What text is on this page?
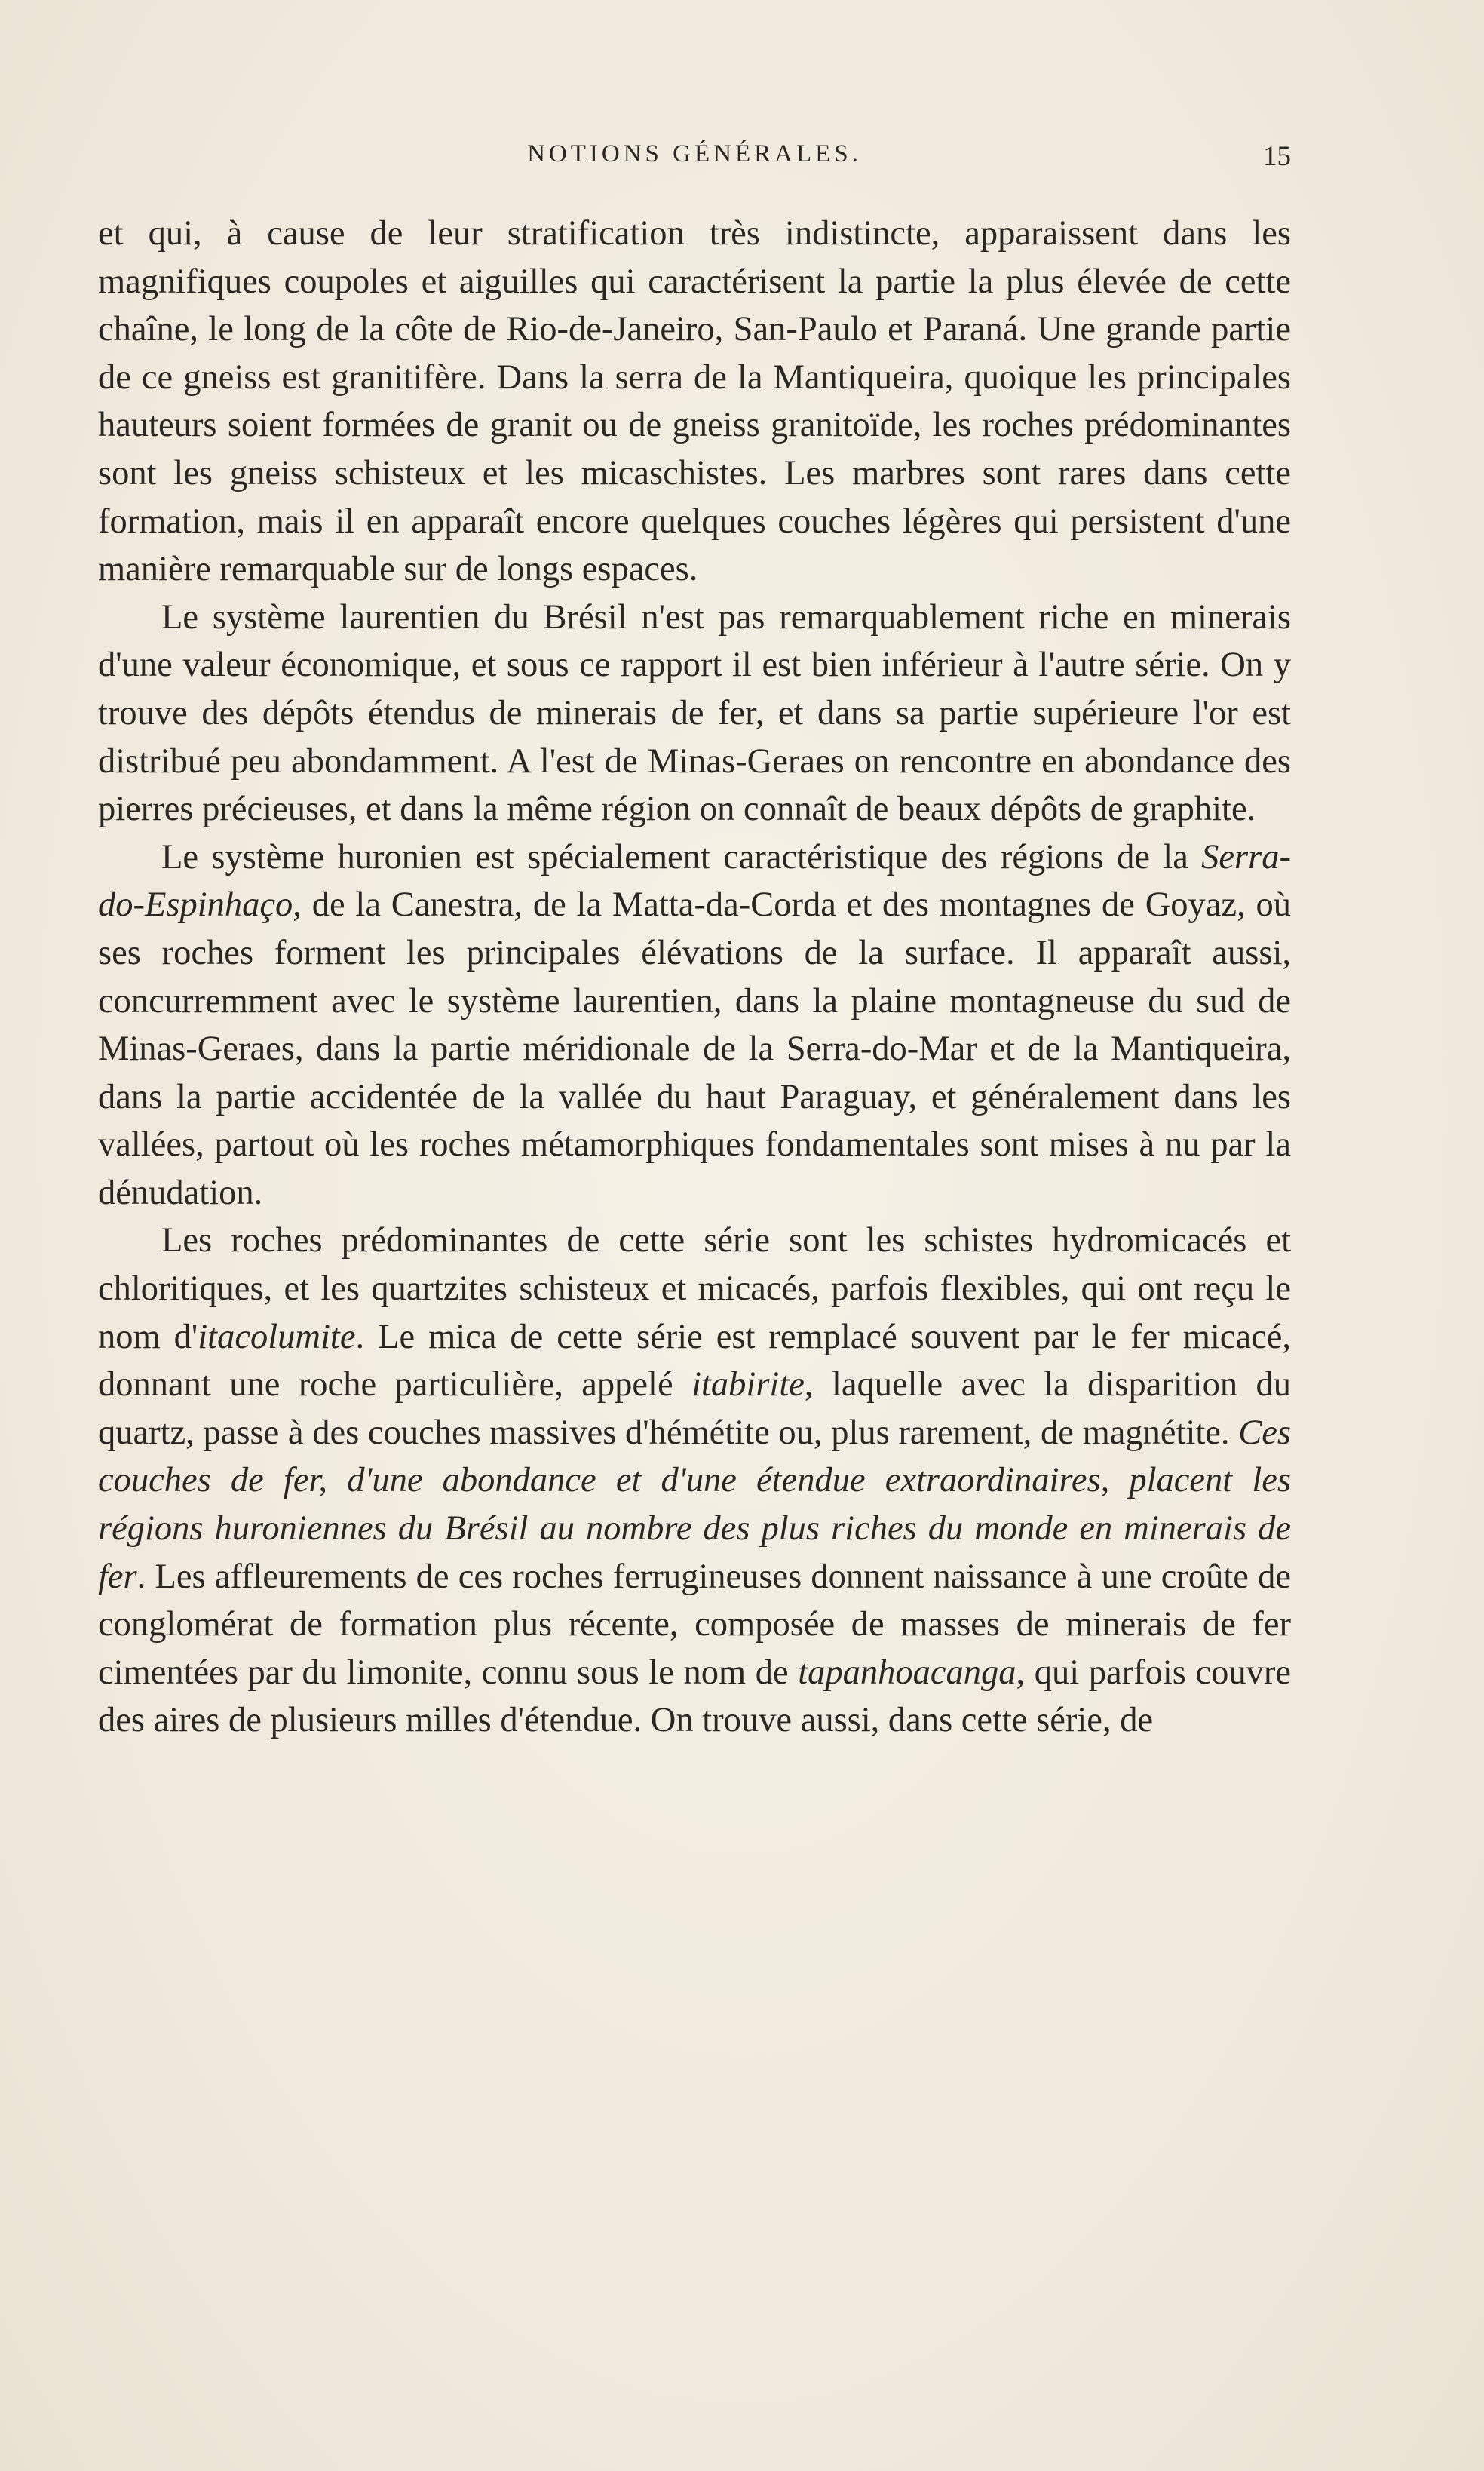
NOTIONS GÉNÉRALES.	15

et qui, à cause de leur stratification très indistincte, apparaissent dans les magnifiques coupoles et aiguilles qui caractérisent la partie la plus élevée de cette chaîne, le long de la côte de Rio-de-Janeiro, San-Paulo et Paraná. Une grande partie de ce gneiss est granitifère. Dans la serra de la Mantiqueira, quoique les principales hauteurs soient formées de granit ou de gneiss granitoïde, les roches prédominantes sont les gneiss schisteux et les micaschistes. Les marbres sont rares dans cette formation, mais il en apparaît encore quelques couches légères qui persistent d'une manière remarquable sur de longs espaces.

Le système laurentien du Brésil n'est pas remarquablement riche en minerais d'une valeur économique, et sous ce rapport il est bien inférieur à l'autre série. On y trouve des dépôts étendus de minerais de fer, et dans sa partie supérieure l'or est distribué peu abondamment. A l'est de Minas-Geraes on rencontre en abondance des pierres précieuses, et dans la même région on connaît de beaux dépôts de graphite.

Le système huronien est spécialement caractéristique des régions de la Serra-do-Espinhaço, de la Canestra, de la Matta-da-Corda et des montagnes de Goyaz, où ses roches forment les principales élévations de la surface. Il apparaît aussi, concurremment avec le système laurentien, dans la plaine montagneuse du sud de Minas-Geraes, dans la partie méridionale de la Serra-do-Mar et de la Mantiqueira, dans la partie accidentée de la vallée du haut Paraguay, et généralement dans les vallées, partout où les roches métamorphiques fondamentales sont mises à nu par la dénudation.

Les roches prédominantes de cette série sont les schistes hydromicacés et chloritiques, et les quartzites schisteux et micacés, parfois flexibles, qui ont reçu le nom d'itacolumite. Le mica de cette série est remplacé souvent par le fer micacé, donnant une roche particulière, appelé itabirite, laquelle avec la disparition du quartz, passe à des couches massives d'hémétite ou, plus rarement, de magnétite. Ces couches de fer, d'une abondance et d'une étendue extraordinaires, placent les régions huroniennes du Brésil au nombre des plus riches du monde en minerais de fer. Les affleurements de ces roches ferrugineuses donnent naissance à une croûte de conglomérat de formation plus récente, composée de masses de minerais de fer cimentées par du limonite, connu sous le nom de tapanhoacanga, qui parfois couvre des aires de plusieurs milles d'étendue. On trouve aussi, dans cette série, de
